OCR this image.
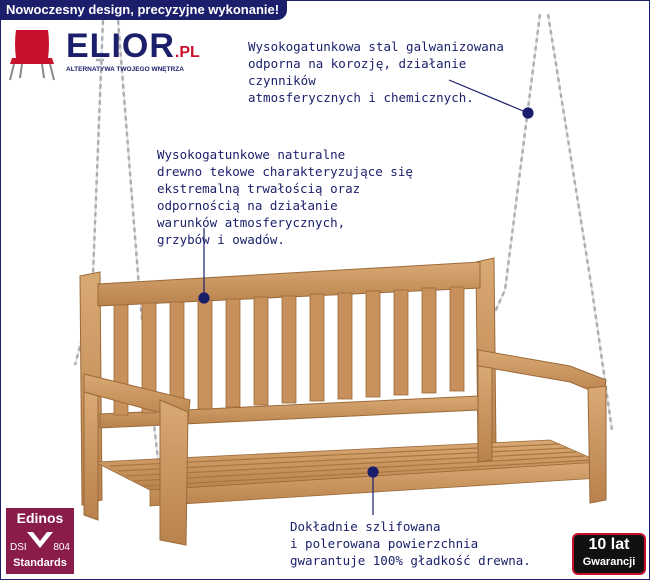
Nowoczesny design, precyzyjne wykonanie!
ELIOR.PL
ALTERNATYWA TWOJEGO WNĘTRZA
Wysokogatunkowa stal galwanizowana
odporna na korozję, działanie czynników
atmosferycznych i chemicznych.
Wysokogatunkowe naturalne
drewno tekowe charakteryzujące się
ekstremalną trwałością oraz
odpornością na działanie
warunków atmosferycznych,
grzybów i owadów.
Dokładnie szlifowana
i polerowana powierzchnia
gwarantuje 100% gładkość drewna.
Edinos
DSI	804
Standards
10 lat
Gwarancji
